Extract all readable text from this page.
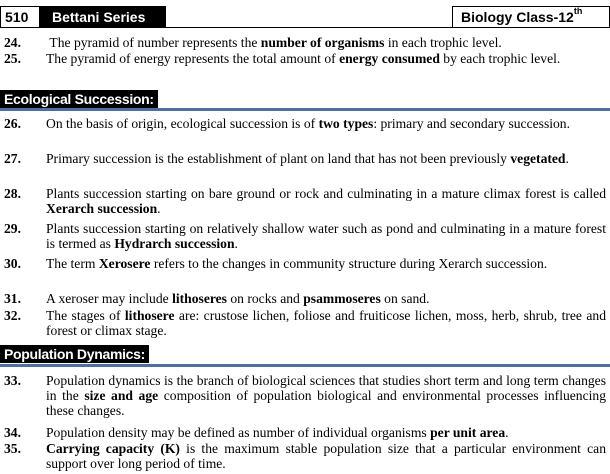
510	Bettani Series	Biology Class-12th
24. The pyramid of number represents the number of organisms in each trophic level.
25. The pyramid of energy represents the total amount of energy consumed by each trophic level.
Ecological Succession:
26. On the basis of origin, ecological succession is of two types: primary and secondary succession.
27. Primary succession is the establishment of plant on land that has not been previously vegetated.
28. Plants succession starting on bare ground or rock and culminating in a mature climax forest is called Xerarch succession.
29. Plants succession starting on relatively shallow water such as pond and culminating in a mature forest is termed as Hydrarch succession.
30. The term Xerosere refers to the changes in community structure during Xerarch succession.
31. A xeroser may include lithoseres on rocks and psammoseres on sand.
32. The stages of lithosere are: crustose lichen, foliose and fruiticose lichen, moss, herb, shrub, tree and forest or climax stage.
Population Dynamics:
33. Population dynamics is the branch of biological sciences that studies short term and long term changes in the size and age composition of population biological and environmental processes influencing these changes.
34. Population density may be defined as number of individual organisms per unit area.
35. Carrying capacity (K) is the maximum stable population size that a particular environment can support over long period of time.
